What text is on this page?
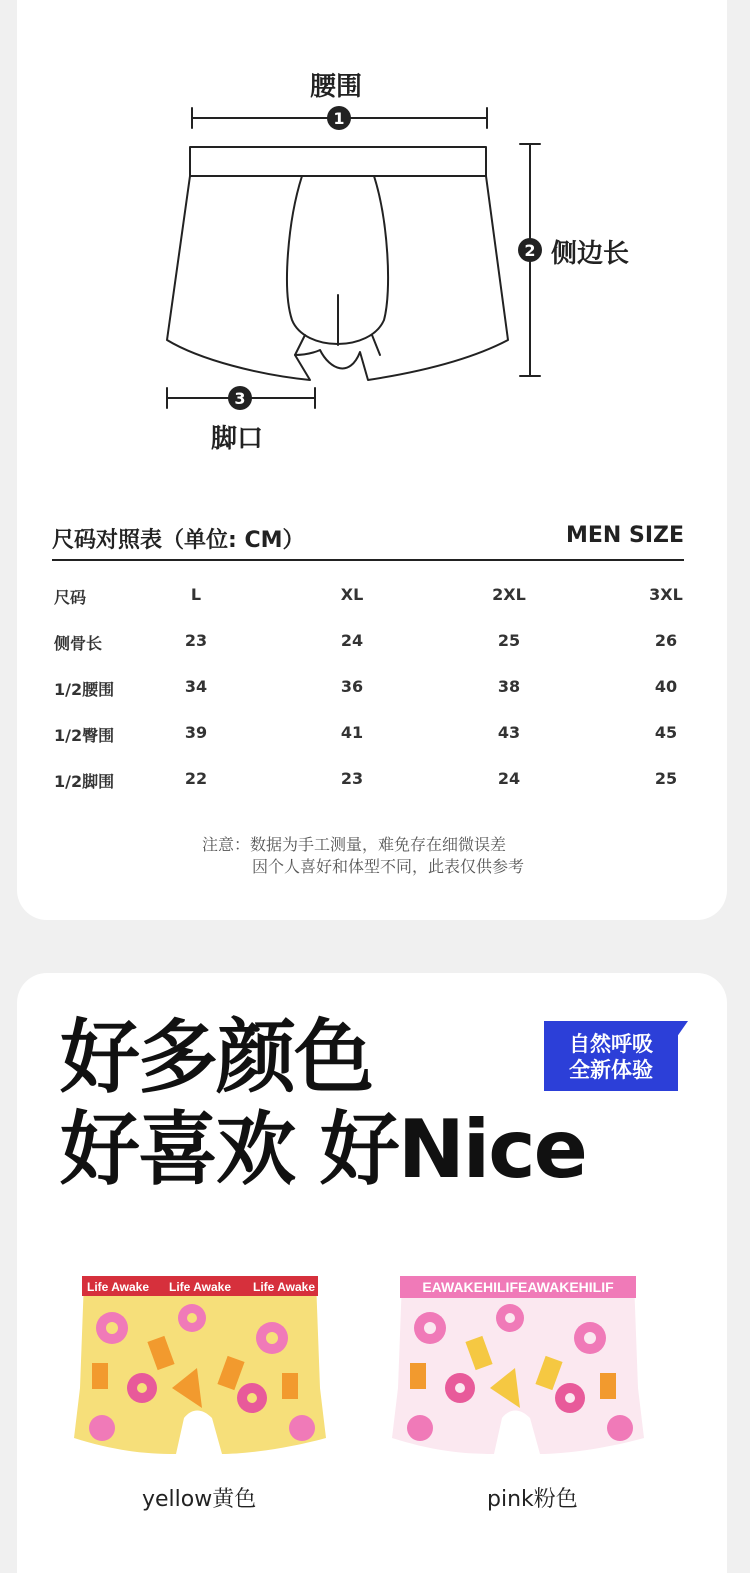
1
2
3
腰围
侧边长
脚口
尺码对照表（单位: CM）	MEN SIZE
尺码	L	XL	2XL	3XL
侧骨长	23	24	25	26
1/2腰围	34	36	38	40
1/2臀围	39	41	43	45
1/2脚围	22	23	24	25
注意：数据为手工测量，难免存在细微误差
因个人喜好和体型不同，此表仅供参考
好多颜色
好喜欢 好Nice
自然呼吸
全新体验
Life Awake Life Awake Life Awake
yellow黄色
EAWAKEHILIFEAWAKEHILIF
pink粉色
